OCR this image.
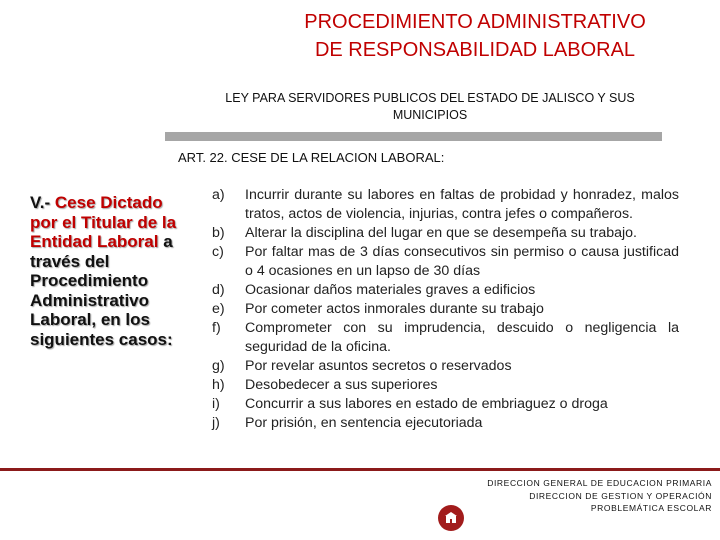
PROCEDIMIENTO ADMINISTRATIVO
DE RESPONSABILIDAD LABORAL
LEY PARA SERVIDORES PUBLICOS DEL ESTADO DE JALISCO Y SUS
MUNICIPIOS
ART. 22. CESE DE LA RELACION LABORAL:
V.- Cese Dictado por el Titular de la Entidad Laboral a través del Procedimiento Administrativo Laboral, en los siguientes casos:
a)	Incurrir durante su labores en faltas de probidad y honradez, malos tratos, actos de violencia, injurias, contra jefes o compañeros.
b)	Alterar la disciplina del lugar en que se desempeña su trabajo.
c)	Por faltar mas de 3 días consecutivos sin permiso o causa justificad o 4 ocasiones en un lapso de 30 días
d)	Ocasionar daños materiales graves a edificios
e)	Por cometer actos inmorales durante su trabajo
f)	Comprometer con su imprudencia, descuido o negligencia la seguridad de la oficina.
g)	Por revelar asuntos secretos o reservados
h)	Desobedecer a sus superiores
i)	Concurrir a sus labores en estado de embriaguez o droga
j)	Por prisión, en sentencia ejecutoriada
DIRECCION GENERAL DE EDUCACION PRIMARIA
DIRECCION DE GESTION Y OPERACIÓN
PROBLEMÁTICA ESCOLAR
